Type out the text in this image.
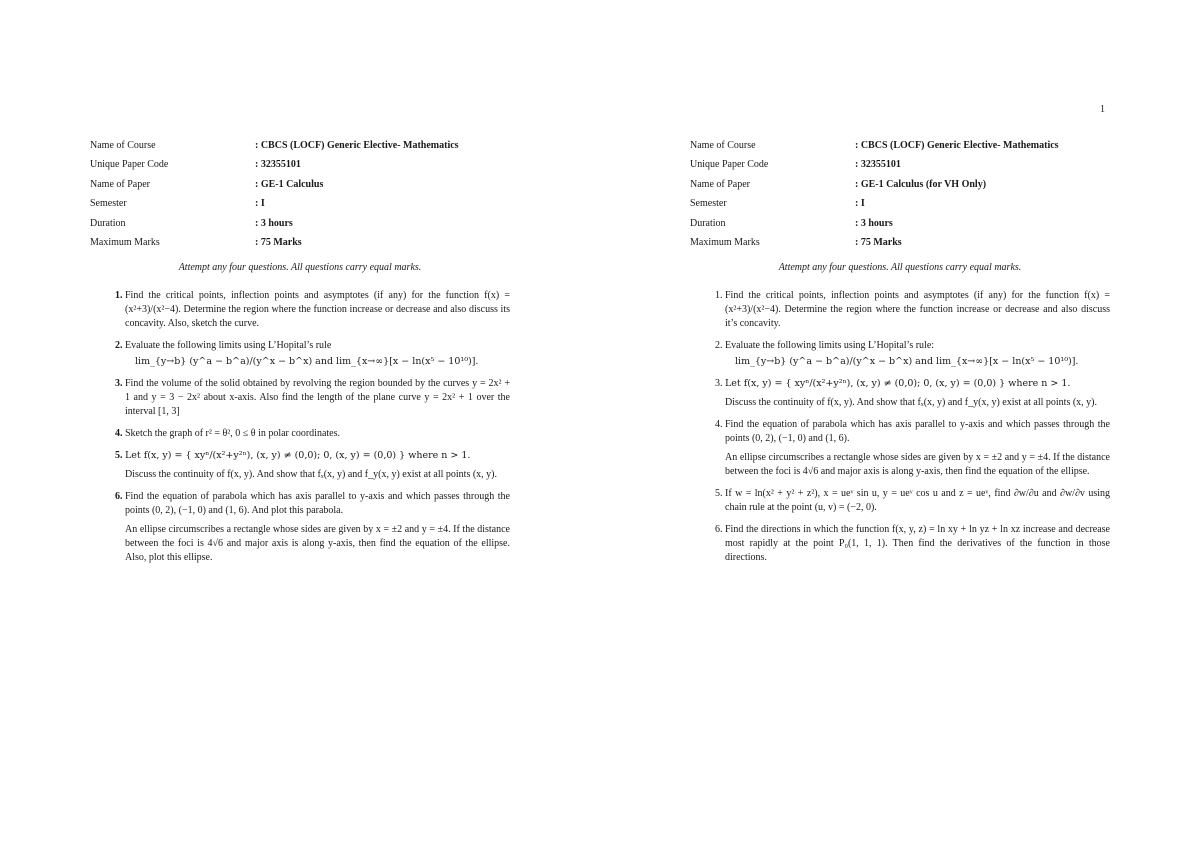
1
Name of Course	: CBCS (LOCF) Generic Elective- Mathematics
Unique Paper Code	: 32355101
Name of Paper	: GE-1 Calculus
Semester	: I
Duration	: 3 hours
Maximum Marks	: 75 Marks
Attempt any four questions. All questions carry equal marks.
1. Find the critical points, inflection points and asymptotes (if any) for the function f(x) = (x²+3)/(x²−4). Determine the region where the function increase or decrease and also discuss its concavity. Also, sketch the curve.
2. Evaluate the following limits using L’Hopital’s rule
lim_{y→b} (y^a − b^a)/(y^x − b^x) and lim_{x→∞}[x − ln(x⁵ − 10¹⁰)].
3. Find the volume of the solid obtained by revolving the region bounded by the curves y = 2x² + 1 and y = 3 − 2x² about x-axis. Also find the length of the plane curve y = 2x² + 1 over the interval [1, 3]
4. Sketch the graph of r² = θ², 0 ≤ θ in polar coordinates.
5. Let f(x, y) = { xyⁿ/(x²+y²ⁿ), (x, y) ≠ (0,0); 0, (x, y) = (0,0) } where n > 1.
Discuss the continuity of f(x, y). And show that fₓ(x, y) and f_y(x, y) exist at all points (x, y).
6. Find the equation of parabola which has axis parallel to y-axis and which passes through the points (0, 2), (−1, 0) and (1, 6). And plot this parabola.
An ellipse circumscribes a rectangle whose sides are given by x = ±2 and y = ±4. If the distance between the foci is 4√6 and major axis is along y-axis, then find the equation of the ellipse. Also, plot this ellipse.
Name of Course	: CBCS (LOCF) Generic Elective- Mathematics
Unique Paper Code	: 32355101
Name of Paper	: GE-1 Calculus (for VH Only)
Semester	: I
Duration	: 3 hours
Maximum Marks	: 75 Marks
Attempt any four questions. All questions carry equal marks.
1. Find the critical points, inflection points and asymptotes (if any) for the function f(x) = (x²+3)/(x²−4). Determine the region where the function increase or decrease and also discuss it’s concavity.
2. Evaluate the following limits using L’Hopital’s rule:
lim_{y→b} (y^a − b^a)/(y^x − b^x) and lim_{x→∞}[x − ln(x⁵ − 10¹⁰)].
3. Let f(x, y) = { xyⁿ/(x²+y²ⁿ), (x, y) ≠ (0,0); 0, (x, y) = (0,0) } where n > 1.
Discuss the continuity of f(x, y). And show that fₓ(x, y) and f_y(x, y) exist at all points (x, y).
4. Find the equation of parabola which has axis parallel to y-axis and which passes through the points (0, 2), (−1, 0) and (1, 6).
An ellipse circumscribes a rectangle whose sides are given by x = ±2 and y = ±4. If the distance between the foci is 4√6 and major axis is along y-axis, then find the equation of the ellipse.
5. If w = ln(x² + y² + z²), x = ueᵛ sin u, y = ueᵛ cos u and z = ueᵛ, find ∂w/∂u and ∂w/∂v using chain rule at the point (u, v) = (−2, 0).
6. Find the directions in which the function f(x, y, z) = ln xy + ln yz + ln xz increase and decrease most rapidly at the point P₀(1, 1, 1). Then find the derivatives of the function in those directions.
